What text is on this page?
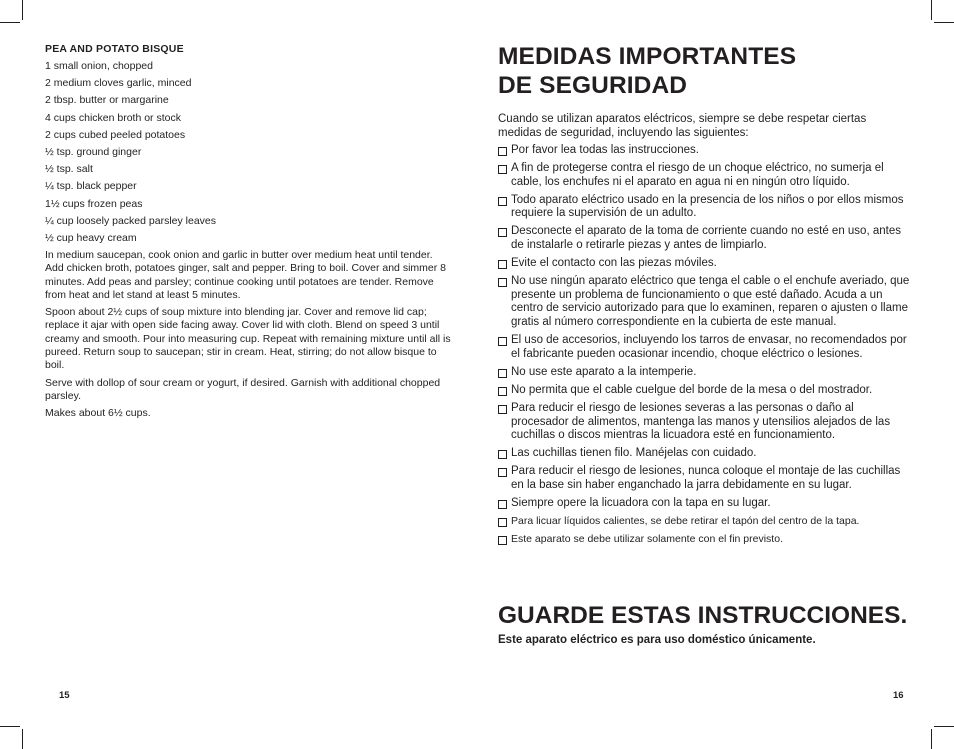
PEA AND POTATO BISQUE
1 small onion, chopped
2 medium cloves garlic, minced
2 tbsp. butter or margarine
4 cups chicken broth or stock
2 cups cubed peeled potatoes
½ tsp. ground ginger
½ tsp. salt
¼ tsp. black pepper
1½ cups frozen peas
¼ cup loosely packed parsley leaves
½ cup heavy cream

In medium saucepan, cook onion and garlic in butter over medium heat until tender. Add chicken broth, potatoes ginger, salt and pepper. Bring to boil. Cover and simmer 8 minutes. Add peas and parsley; continue cooking until potatoes are tender. Remove from heat and let stand at least 5 minutes.

Spoon about 2½ cups of soup mixture into blending jar. Cover and remove lid cap; replace it ajar with open side facing away. Cover lid with cloth. Blend on speed 3 until creamy and smooth. Pour into measuring cup. Repeat with remaining mixture until all is pureed. Return soup to saucepan; stir in cream. Heat, stirring; do not allow bisque to boil.

Serve with dollop of sour cream or yogurt, if desired. Garnish with additional chopped parsley.

Makes about 6½ cups.

15
MEDIDAS IMPORTANTES
DE SEGURIDAD

Cuando se utilizan aparatos eléctricos, siempre se debe respetar ciertas medidas de seguridad, incluyendo las siguientes:

Por favor lea todas las instrucciones.
A fin de protegerse contra el riesgo de un choque eléctrico, no sumerja el cable, los enchufes ni el aparato en agua ni en ningún otro líquido.
Todo aparato eléctrico usado en la presencia de los niños o por ellos mismos requiere la supervisión de un adulto.
Desconecte el aparato de la toma de corriente cuando no esté en uso, antes de instalarle o retirarle piezas y antes de limpiarlo.
Evite el contacto con las piezas móviles.
No use ningún aparato eléctrico que tenga el cable o el enchufe averiado, que presente un problema de funcionamiento o que esté dañado. Acuda a un centro de servicio autorizado para que lo examinen, reparen o ajusten o llame gratis al número correspondiente en la cubierta de este manual.
El uso de accesorios, incluyendo los tarros de envasar, no recomendados por el fabricante pueden ocasionar incendio, choque eléctrico o lesiones.
No use este aparato a la intemperie.
No permita que el cable cuelgue del borde de la mesa o del mostrador.
Para reducir el riesgo de lesiones severas a las personas o daño al procesador de alimentos, mantenga las manos y utensilios alejados de las cuchillas o discos mientras la licuadora esté en funcionamiento.
Las cuchillas tienen filo. Manéjelas con cuidado.
Para reducir el riesgo de lesiones, nunca coloque el montaje de las cuchillas en la base sin haber enganchado la jarra debidamente en su lugar.
Siempre opere la licuadora con la tapa en su lugar.
Para licuar líquidos calientes, se debe retirar el tapón del centro de la tapa.
Este aparato se debe utilizar solamente con el fin previsto.
GUARDE ESTAS INSTRUCCIONES.

Este aparato eléctrico es para uso doméstico únicamente.

16
